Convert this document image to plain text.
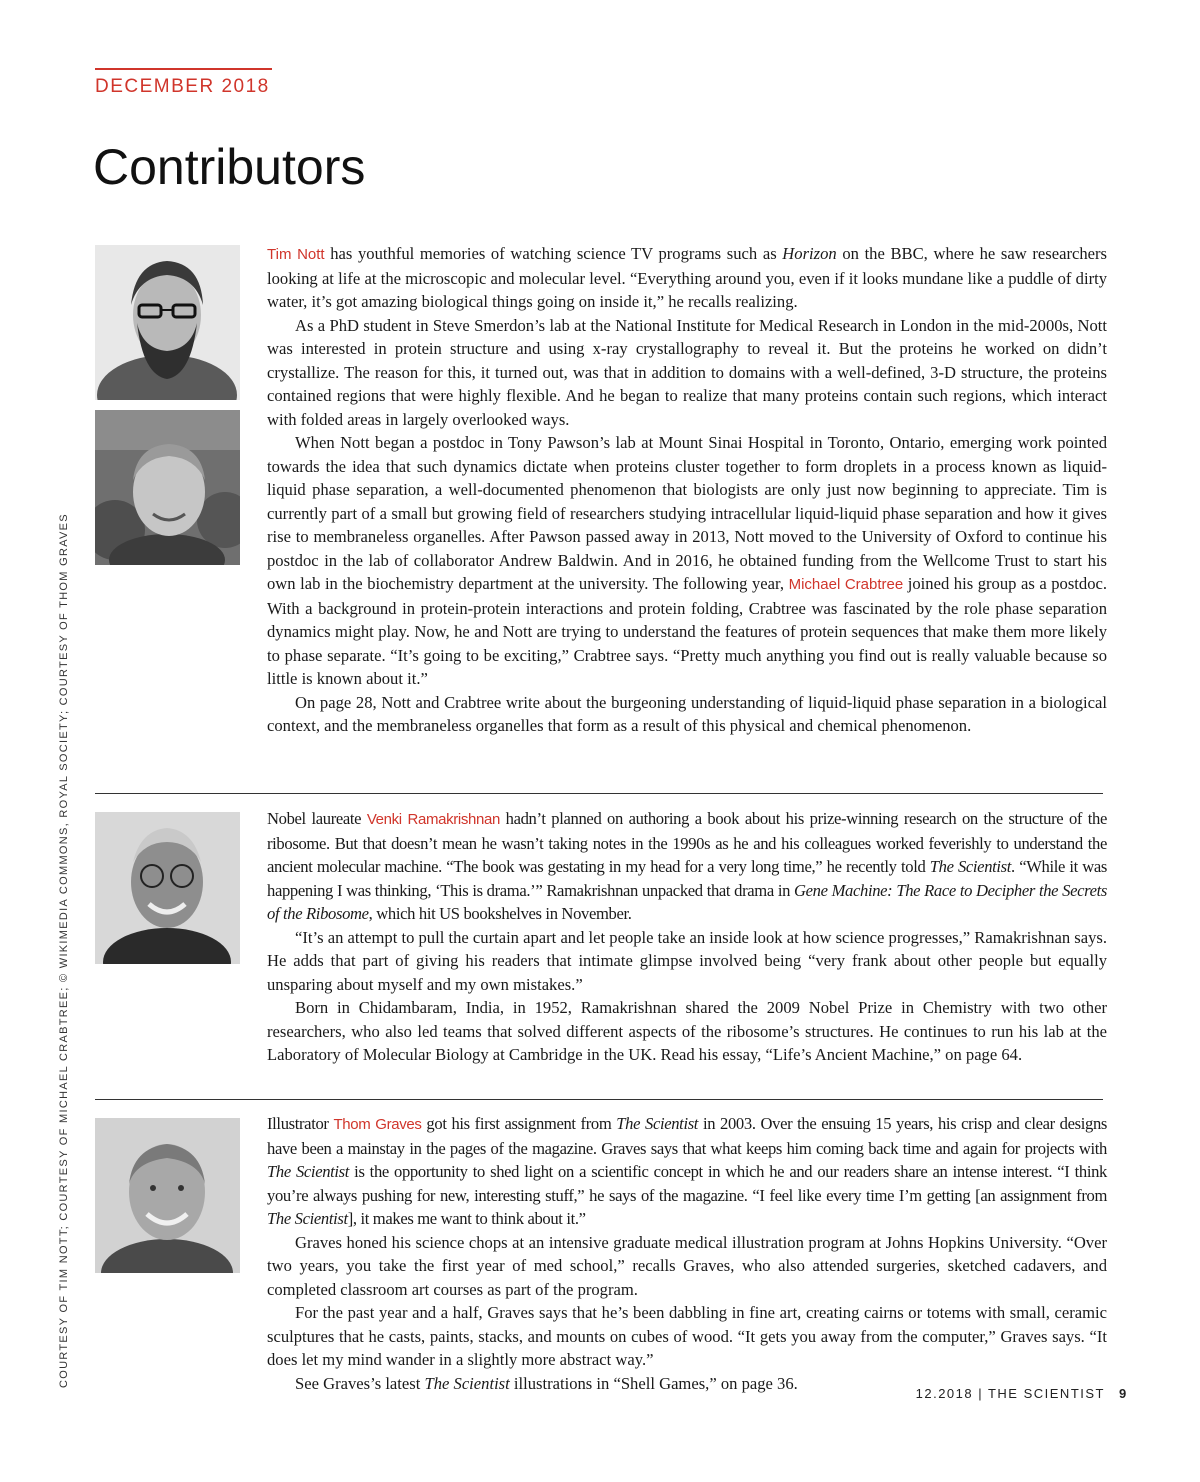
DECEMBER 2018
Contributors
COURTESY OF TIM NOTT; COURTESY OF MICHAEL CRABTREE; © WIKIMEDIA COMMONS, ROYAL SOCIETY; COURTESY OF THOM GRAVES

Tim Nott has youthful memories of watching science TV programs such as Horizon on the BBC, where he saw researchers looking at life at the microscopic and molecular level. “Everything around you, even if it looks mundane like a puddle of dirty water, it’s got amazing biological things going on inside it,” he recalls realizing.

As a PhD student in Steve Smerdon’s lab at the National Institute for Medical Research in London in the mid-2000s, Nott was interested in protein structure and using x-ray crystallography to reveal it. But the proteins he worked on didn’t crystallize. The reason for this, it turned out, was that in addition to domains with a well-defined, 3-D structure, the proteins contained regions that were highly flexible. And he began to realize that many proteins contain such regions, which interact with folded areas in largely overlooked ways.

When Nott began a postdoc in Tony Pawson’s lab at Mount Sinai Hospital in Toronto, Ontario, emerging work pointed towards the idea that such dynamics dictate when proteins cluster together to form droplets in a process known as liquid-liquid phase separation, a well-documented phenomenon that biologists are only just now beginning to appreciate. Tim is currently part of a small but growing field of researchers studying intracellular liquid-liquid phase separation and how it gives rise to membraneless organelles. After Pawson passed away in 2013, Nott moved to the University of Oxford to continue his postdoc in the lab of collaborator Andrew Baldwin. And in 2016, he obtained funding from the Wellcome Trust to start his own lab in the biochemistry department at the university. The following year, Michael Crabtree joined his group as a postdoc. With a background in protein-protein interactions and protein folding, Crabtree was fascinated by the role phase separation dynamics might play. Now, he and Nott are trying to understand the features of protein sequences that make them more likely to phase separate. “It’s going to be exciting,” Crabtree says. “Pretty much anything you find out is really valuable because so little is known about it.”

On page 28, Nott and Crabtree write about the burgeoning understanding of liquid-liquid phase separation in a biological context, and the membraneless organelles that form as a result of this physical and chemical phenomenon.

Nobel laureate Venki Ramakrishnan hadn’t planned on authoring a book about his prize-winning research on the structure of the ribosome. But that doesn’t mean he wasn’t taking notes in the 1990s as he and his colleagues worked feverishly to understand the ancient molecular machine. “The book was gestating in my head for a very long time,” he recently told The Scientist. “While it was happening I was thinking, ‘This is drama.’” Ramakrishnan unpacked that drama in Gene Machine: The Race to Decipher the Secrets of the Ribosome, which hit US bookshelves in November.

“It’s an attempt to pull the curtain apart and let people take an inside look at how science progresses,” Ramakrishnan says. He adds that part of giving his readers that intimate glimpse involved being “very frank about other people but equally unsparing about myself and my own mistakes.”

Born in Chidambaram, India, in 1952, Ramakrishnan shared the 2009 Nobel Prize in Chemistry with two other researchers, who also led teams that solved different aspects of the ribosome’s structures. He continues to run his lab at the Laboratory of Molecular Biology at Cambridge in the UK. Read his essay, “Life’s Ancient Machine,” on page 64.

Illustrator Thom Graves got his first assignment from The Scientist in 2003. Over the ensuing 15 years, his crisp and clear designs have been a mainstay in the pages of the magazine. Graves says that what keeps him coming back time and again for projects with The Scientist is the opportunity to shed light on a scientific concept in which he and our readers share an intense interest. “I think you’re always pushing for new, interesting stuff,” he says of the magazine. “I feel like every time I’m getting [an assignment from The Scientist], it makes me want to think about it.”

Graves honed his science chops at an intensive graduate medical illustration program at Johns Hopkins University. “Over two years, you take the first year of med school,” recalls Graves, who also attended surgeries, sketched cadavers, and completed classroom art courses as part of the program.

For the past year and a half, Graves says that he’s been dabbling in fine art, creating cairns or totems with small, ceramic sculptures that he casts, paints, stacks, and mounts on cubes of wood. “It gets you away from the computer,” Graves says. “It does let my mind wander in a slightly more abstract way.”

See Graves’s latest The Scientist illustrations in “Shell Games,” on page 36.

12.2018 | THE SCIENTIST 9
